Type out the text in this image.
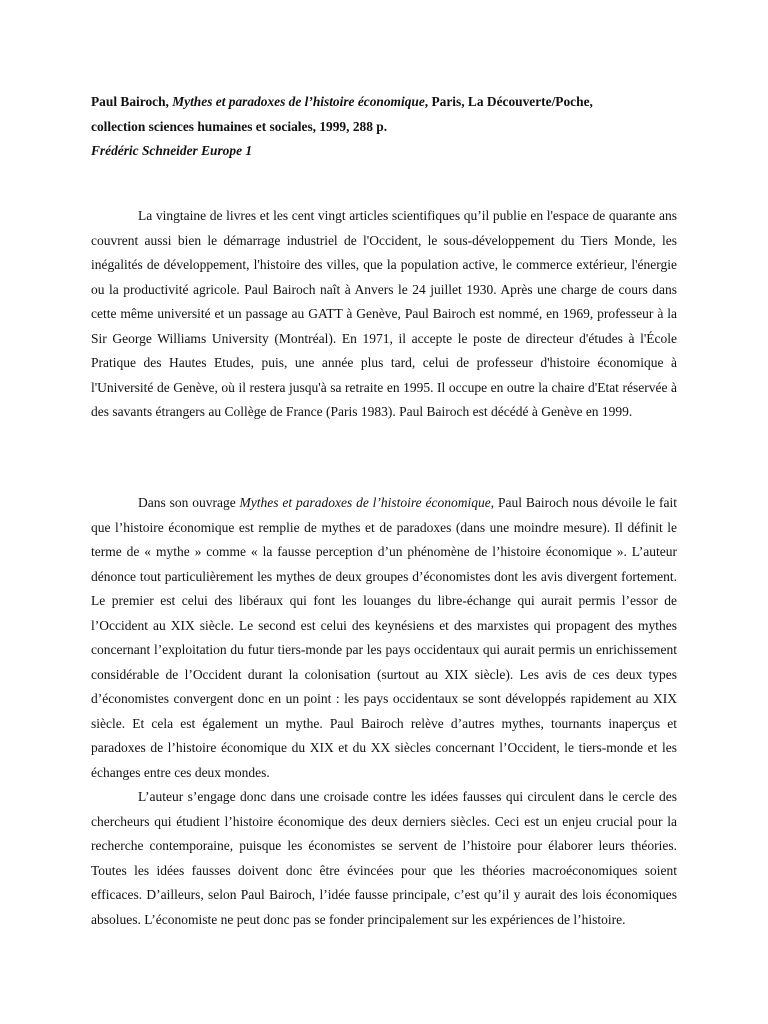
Paul Bairoch, Mythes et paradoxes de l’histoire économique, Paris, La Découverte/Poche,
collection sciences humaines et sociales, 1999, 288 p.
Frédéric Schneider Europe 1

La vingtaine de livres et les cent vingt articles scientifiques qu’il publie en l'espace de quarante ans couvrent aussi bien le démarrage industriel de l'Occident, le sous-développement du Tiers Monde, les inégalités de développement, l'histoire des villes, que la population active, le commerce extérieur, l'énergie ou la productivité agricole. Paul Bairoch naît à Anvers le 24 juillet 1930. Après une charge de cours dans cette même université et un passage au GATT à Genève, Paul Bairoch est nommé, en 1969, professeur à la Sir George Williams University (Montréal). En 1971, il accepte le poste de directeur d'études à l'École Pratique des Hautes Etudes, puis, une année plus tard, celui de professeur d'histoire économique à l'Université de Genève, où il restera jusqu'à sa retraite en 1995. Il occupe en outre la chaire d'Etat réservée à des savants étrangers au Collège de France (Paris 1983). Paul Bairoch est décédé à Genève en 1999.

Dans son ouvrage Mythes et paradoxes de l’histoire économique, Paul Bairoch nous dévoile le fait que l’histoire économique est remplie de mythes et de paradoxes (dans une moindre mesure). Il définit le terme de « mythe » comme « la fausse perception d’un phénomène de l’histoire économique ». L’auteur dénonce tout particulièrement les mythes de deux groupes d’économistes dont les avis divergent fortement. Le premier est celui des libéraux qui font les louanges du libre-échange qui aurait permis l’essor de l’Occident au XIX siècle. Le second est celui des keynésiens et des marxistes qui propagent des mythes concernant l’exploitation du futur tiers-monde par les pays occidentaux qui aurait permis un enrichissement considérable de l’Occident durant la colonisation (surtout au XIX siècle). Les avis de ces deux types d’économistes convergent donc en un point : les pays occidentaux se sont développés rapidement au XIX siècle. Et cela est également un mythe. Paul Bairoch relève d’autres mythes, tournants inaperçus et paradoxes de l’histoire économique du XIX et du XX siècles concernant l’Occident, le tiers-monde et les échanges entre ces deux mondes.

L’auteur s’engage donc dans une croisade contre les idées fausses qui circulent dans le cercle des chercheurs qui étudient l’histoire économique des deux derniers siècles. Ceci est un enjeu crucial pour la recherche contemporaine, puisque les économistes se servent de l’histoire pour élaborer leurs théories. Toutes les idées fausses doivent donc être évincées pour que les théories macroéconomiques soient efficaces. D’ailleurs, selon Paul Bairoch, l’idée fausse principale, c’est qu’il y aurait des lois économiques absolues. L’économiste ne peut donc pas se fonder principalement sur les expériences de l’histoire.
